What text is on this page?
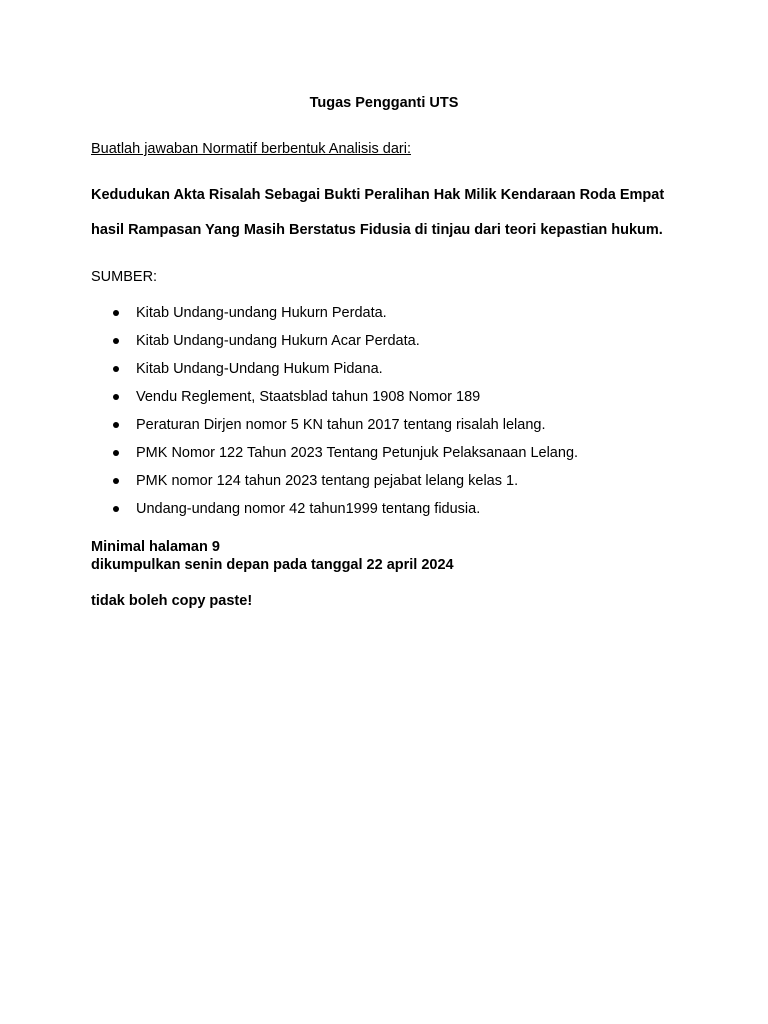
Tugas Pengganti UTS
Buatlah jawaban Normatif berbentuk Analisis dari:
Kedudukan Akta Risalah Sebagai Bukti Peralihan Hak Milik Kendaraan Roda Empat
hasil Rampasan Yang Masih Berstatus Fidusia di tinjau dari teori kepastian hukum.
SUMBER:
Kitab Undang-undang Hukurn Perdata.
Kitab Undang-undang Hukurn Acar Perdata.
Kitab Undang-Undang Hukum Pidana.
Vendu Reglement, Staatsblad tahun 1908 Nomor 189
Peraturan Dirjen nomor 5 KN tahun 2017 tentang risalah lelang.
PMK Nomor 122 Tahun 2023 Tentang Petunjuk Pelaksanaan Lelang.
PMK nomor 124 tahun 2023 tentang pejabat lelang kelas 1.
Undang-undang nomor 42 tahun1999 tentang fidusia.
Minimal halaman 9
dikumpulkan senin depan pada tanggal 22 april 2024
tidak boleh copy paste!
